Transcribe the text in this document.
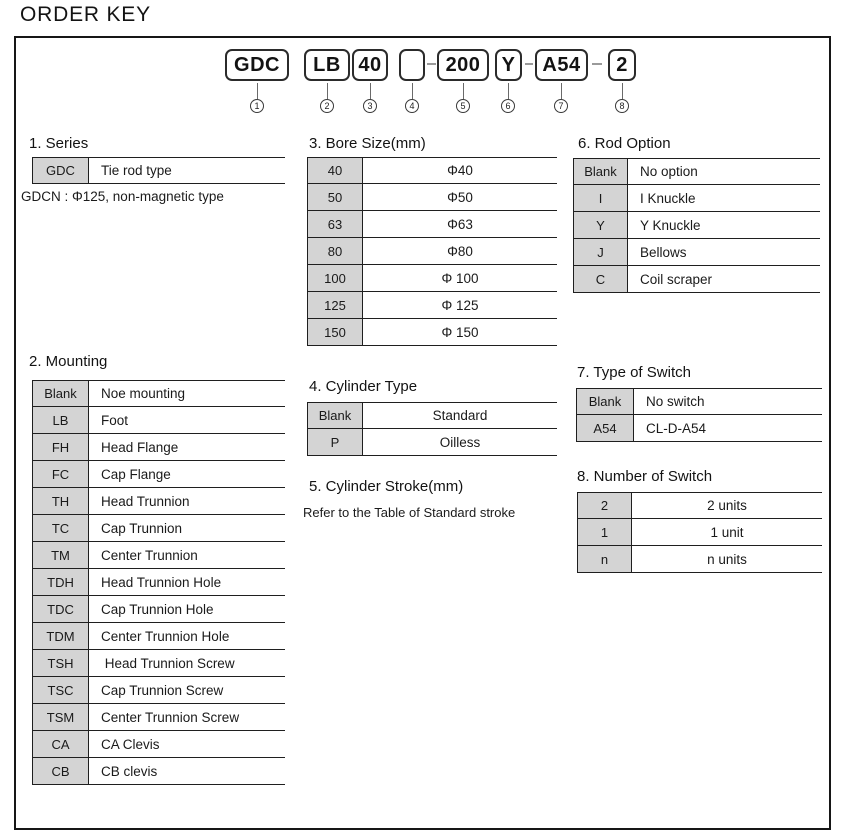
ORDER KEY
GDC	LB 40	200	Y	A54	2
1	2	3	4	5	6	7	8
1. Series
GDC	Tie rod type
GDCN : Φ125, non-magnetic type
2. Mounting
Blank	Noe mounting
LB	Foot
FH	Head Flange
FC	Cap Flange
TH	Head Trunnion
TC	Cap Trunnion
TM	Center Trunnion
TDH	Head Trunnion Hole
TDC	Cap Trunnion Hole
TDM	Center Trunnion Hole
TSH	Head Trunnion Screw
TSC	Cap Trunnion Screw
TSM	Center Trunnion Screw
CA	CA Clevis
CB	CB clevis
3. Bore Size(mm)
40	Φ40
50	Φ50
63	Φ63
80	Φ80
100	Φ 100
125	Φ 125
150	Φ 150
4. Cylinder Type
Blank	Standard
P	Oilless
5. Cylinder Stroke(mm)
Refer to the Table of Standard stroke
6. Rod Option
Blank	No option
I	I Knuckle
Y	Y Knuckle
J	Bellows
C	Coil scraper
7. Type of Switch
Blank	No switch
A54	CL-D-A54
8. Number of Switch
2	2 units
1	1 unit
n	n units
